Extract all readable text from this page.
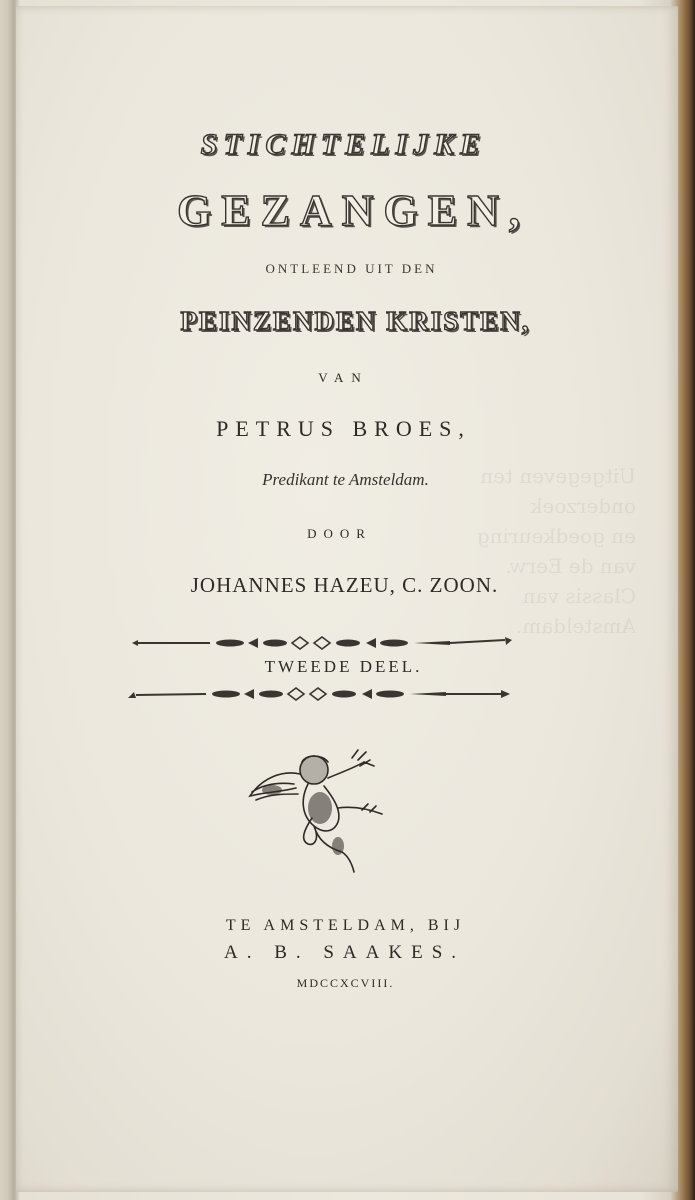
Uitgegeven ten onderzoek
en goedkeuring van de Eerw. Classis van
Amsteldam.
STICHTELIJKE
GEZANGEN,
ONTLEEND UIT DEN
PEINZENDEN KRISTEN,
VAN
PETRUS BROES,
Predikant te Amsteldam.
DOOR
JOHANNES HAZEU, C. ZOON.
TWEEDE DEEL.
TE AMSTELDAM, BIJ
A. B. SAAKES.
MDCCXCVIII.
